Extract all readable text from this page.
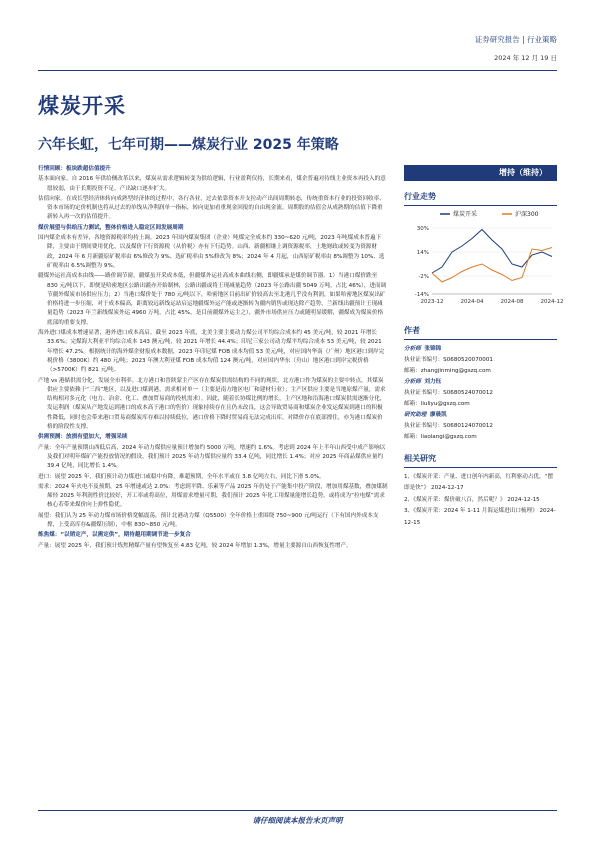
证券研究报告 | 行业策略
2024 年 12 月 19 日
煤炭开采
六年长虹，七年可期——煤炭行业 2025 年策略

行情回顾：板块跌超估值提升

基本面向家。自 2016 年供给侧改革以来，煤炭从需求逻辑转变为供给逻辑，行业盈利仅持，长期来看，煤企普遍对待线主业资本再投入的意愿较弱，由于长期投资不足，产出缺口逐步扩大。

估值向家。在成长型经济体转向成熟型经济体的过程中，各行各业，过去依靠资本开支拉动产出间周期转态，传统重资本行业的投资回收率、资本市场的定价机制也将从过去的单线从净利润单一指标，转向更加看重现金回报的自由现金流。周期股的估值会从成熟期的估值下降重新转入再一次的估值提升。

煤价展望与供给压力测试，整体价格进入稳定区间发展周期

国内煤企成本有差异，各地资源税率均持上调。2023 年国内煤炭集团（企业）吨煤完全成本约 330~620 元/吨，2023 年吨煤成本普遍下降，主要由于期间费用优化，以及煤价下行资源税（从价税）亦有下行趋势。山西、新疆相继上调资源税率，土地财政或转变为资源财政，2024 年 6 月新疆原矿税率由 6%修改为 9%、选矿税率由 5%修改为 8%；2024 年 4 月起，山西原矿税率由 8%调整为 10%、选矿税率由 6.5%调整为 9%。

疆煤外运社高成本由线——路价调节窗。疆煤虽开采成本低，但疆煤外运社高成本曲线右侧，即疆煤承是煤价调节器。1）当港口煤价跌至 830 元/吨以下，即便是哈密地区公路出疆亦开始制林，公路出疆或将王现减量趋势（2023 年公路出疆 5049 万吨，占比 46%），进而调节疆外煤炭市场供应压力；2）当港口煤价处于 780 元/吨以下，哈密地区目前出矿价较高去至北港几乎没有利润，如果哈密地区煤炭出矿价格将进一步压缩，对于成本偏高，距离较远新线运站启运地疆煤外运产能或逐渐转为疆内销售或现达除产趋势，兰新线出疆预计王现减量趋势（2023 年兰新线煤炭外运 4960 万吨，占比 45%，是目前疆煤外运主之），疆外市场供应压力或随明显缓解，疆煤成为煤炭价格底部的重要支撑。

海外进口煤成本增速显著，港外进口成本高启。截至 2023 年底，北美主要主要动力煤公司平均综合成本约 45 美元/吨，较 2021 年增长 33.6%；完煤海大利亚平均综合成本 143 澳元/吨，较 2021 年增长 44.4%；印尼三家公司动力煤平均综合成本 53 美元/吨，较 2021 年增长 47.2%。根据统计的海外煤企财报成本数据，2023 年印尼煤 FOB 成本均值 53 美元/吨，对应国内华南（广州）地区港口到岸完税价格（3800K）约 480 元/吨；2023 年澳大利亚煤 FOB 成本均值 124 澳元/吨，对应国内华东（舟山）地区港口到岸完税价格（>5700K）约 821 元/吨。

产地 vs 港储供需分化，发展全市利率。北方港口和晋陕蒙主产区存在煤炭供需结构的不同的现状，北方港口作为煤炭的主要中转点，其煤炭供应主要依赖于“三西”地区，以及进口煤到港，需求相对单一（主要是南方地区电厂和建材行业）；主产区供应主要是当地原煤产量，需求结构相对多元化（电力、冶金、化工、叠加贸易商的投机需求）。因此，随着长协煤比例的增长，主产区地和沿海港口煤炭供需逐渐分化，发运利润（煤炭从产地发运到港口的成本高于港口的售价）现象持续存在且仍未改良，这会导致贸易商和煤炭企业发运煤炭到港口的积极性降低，同时也会带来港口贸易商煤炭库存难以持续低位，港口价格下降时贸易商无法完成出库，对降价存在底部撑住，亦为港口煤炭价格的阶段性支撑。

供需预测：放损有望加大，增强采续

产量：全年产量预期山西低后高，2024 年动力煤供应量预计增加约 5000 万吨，增速约 1.6%。考虑到 2024 年上半年山西受中成产影响以及我们对明年煤矿产能投放情况的假设，我们预计 2025 年动力煤供应量约 33.4 亿吨，同比增长 1.4%；对应 2025 年商品煤供应量约 39.4 亿吨，同比增长 1.4%。

进口：展望 2025 年，我们预计动力煤进口或稳中有降，难超预期，全年水平或在 3.8 亿吨左右，同比下滑 5.0%。

需求：2024 年火电不及预期，25 年增速或达 2.0%：考虑到平降、乐素等产品 2025 年仍处于产能集中投产阶段，增加用煤基数，叠加煤制烯烃 2025 年利润性价比较好，开工率或将高位，用煤需求增量可期，我们预计 2025 年化工用煤量能增长趋势，或将成为“拉电煤”需求核心若带来煤价向上弹性隐优。

展望：我们认为 25 年动力煤市场价格宽幅震荡，预计北港动力煤（Q5500）全年价格上重围绕 750~900 元/吨运行（下有国内外成本支撑，上受高库存&疆煤压制），中枢 830~850 元/吨。

炼焦煤：“以销定产，以需定供”，期待越用期调节进一步复合

产量：展望 2025 年，我们预计炼焦精煤产量有望恢复至 4.83 亿吨，较 2024 年增加 1.3%，增量主要源自山西恢复性增产。

增持（维持）
行业走势
30%
14%
-2%
-14%
2023-12	2024-04	2024-08	2024-12
煤炭开采	沪深300
作者
分析师 张锦锦
执业证书编号：S0680520070001
邮箱：zhangjinming@gszq.com
分析师 刘力钰
执业证书编号：S0680524070012
邮箱：liuliyu@gszq.com
研究助理 廖晨凯
执业证书编号：S0680124070012
邮箱：liaolangi@gszq.com
相关研究
1、《煤炭开采：产量、进口创年内新高，红利驱动占优，“摆即是快”》 2024-12-17
2、《煤炭开采：煤价破八百，然后呢？》 2024-12-15
3、《煤炭开采：2024 年 1-11 月海运煤进出口梳理》 2024-12-15
请仔细阅读本报告末页声明
